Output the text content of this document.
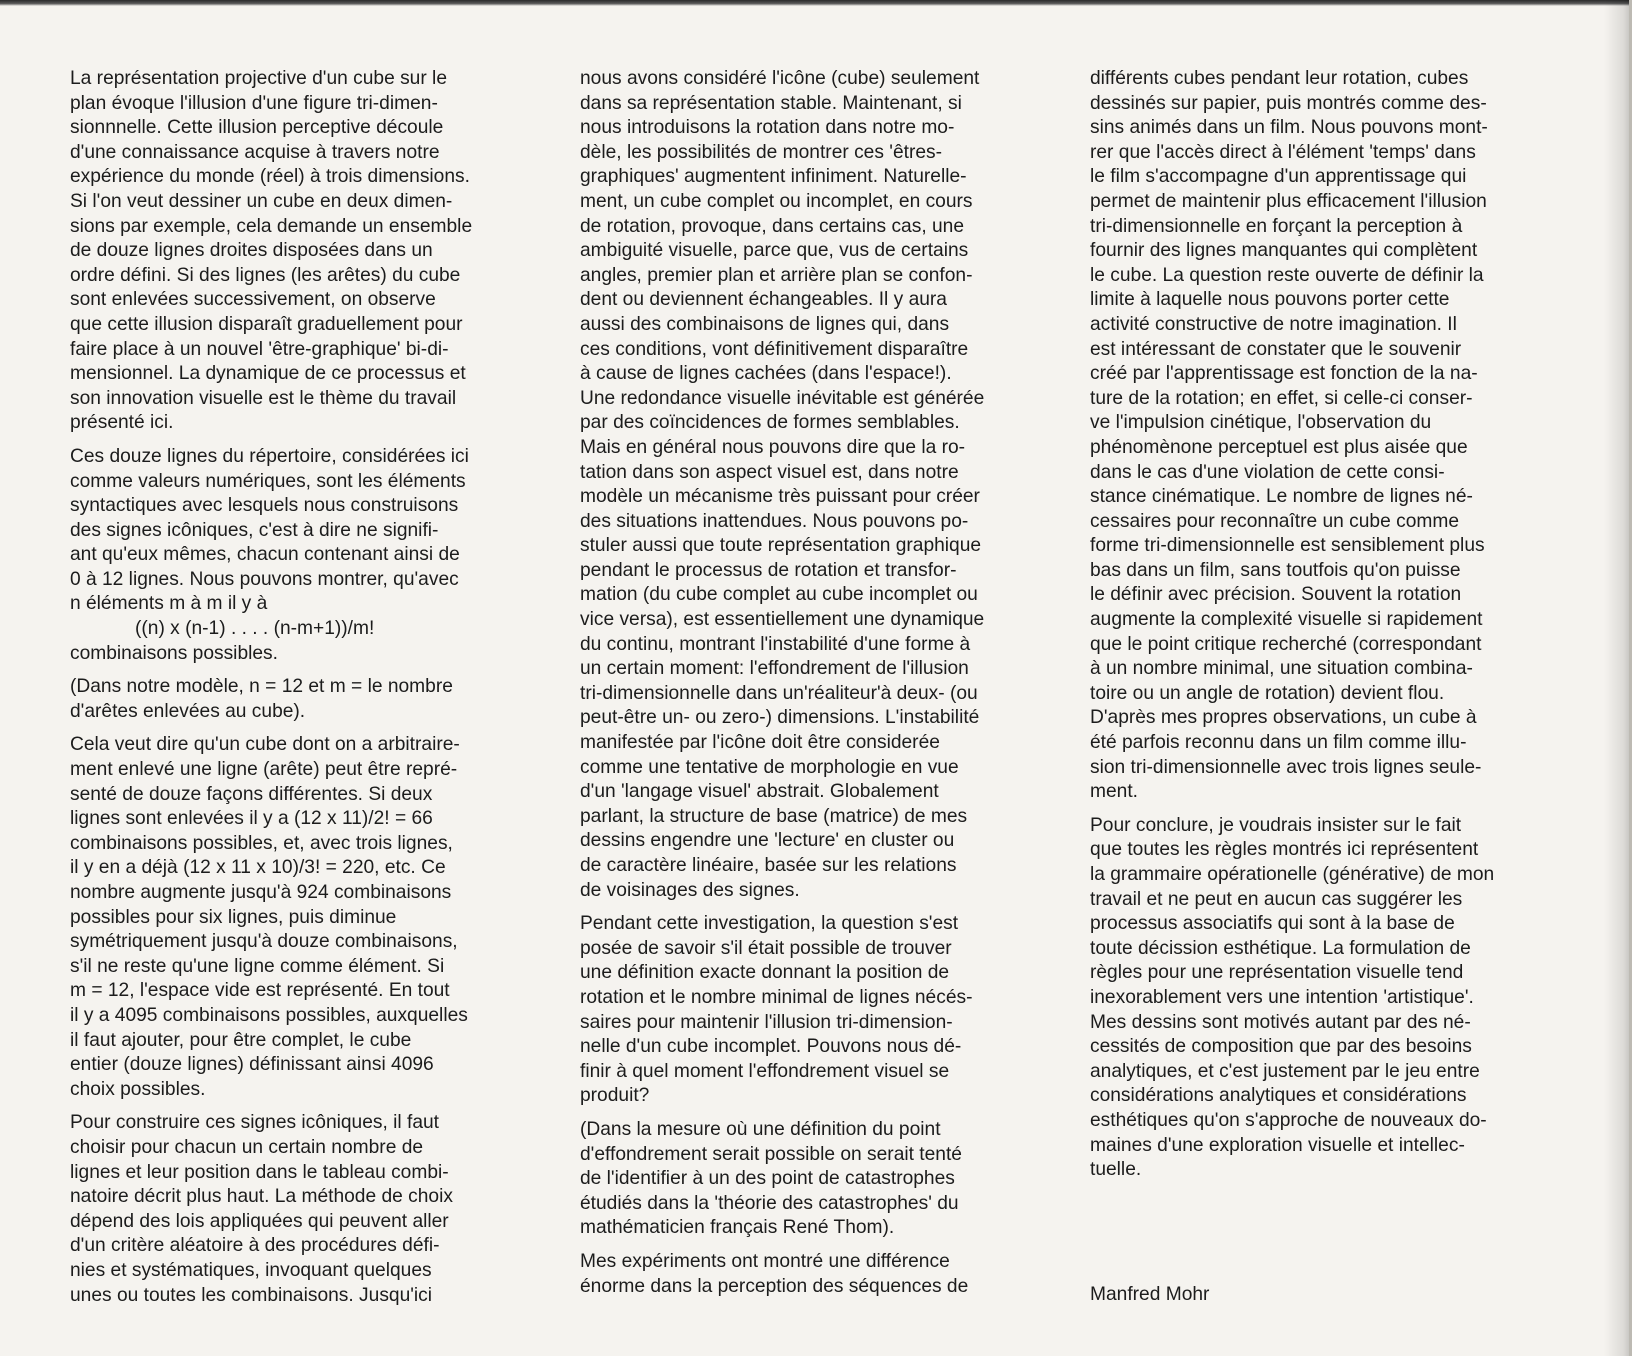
La représentation projective d'un cube sur le
plan évoque l'illusion d'une figure tri-dimen-
sionnnelle. Cette illusion perceptive découle
d'une connaissance acquise à travers notre
expérience du monde (réel) à trois dimensions.
Si l'on veut dessiner un cube en deux dimen-
sions par exemple, cela demande un ensemble
de douze lignes droites disposées dans un
ordre défini. Si des lignes (les arêtes) du cube
sont enlevées successivement, on observe
que cette illusion disparaît graduellement pour
faire place à un nouvel 'être-graphique' bi-di-
mensionnel. La dynamique de ce processus et
son innovation visuelle est le thème du travail
présenté ici.
Ces douze lignes du répertoire, considérées ici
comme valeurs numériques, sont les éléments
syntactiques avec lesquels nous construisons
des signes icôniques, c'est à dire ne signifi-
ant qu'eux mêmes, chacun contenant ainsi de
0 à 12 lignes. Nous pouvons montrer, qu'avec
n éléments m à m il y à
((n) x (n-1) . . . . (n-m+1))/m!
combinaisons possibles.
(Dans notre modèle, n = 12 et m = le nombre
d'arêtes enlevées au cube).
Cela veut dire qu'un cube dont on a arbitraire-
ment enlevé une ligne (arête) peut être repré-
senté de douze façons différentes. Si deux
lignes sont enlevées il y a (12 x 11)/2! = 66
combinaisons possibles, et, avec trois lignes,
il y en a déjà (12 x 11 x 10)/3! = 220, etc. Ce
nombre augmente jusqu'à 924 combinaisons
possibles pour six lignes, puis diminue
symétriquement jusqu'à douze combinaisons,
s'il ne reste qu'une ligne comme élément. Si
m = 12, l'espace vide est représenté. En tout
il y a 4095 combinaisons possibles, auxquelles
il faut ajouter, pour être complet, le cube
entier (douze lignes) définissant ainsi 4096
choix possibles.
Pour construire ces signes icôniques, il faut
choisir pour chacun un certain nombre de
lignes et leur position dans le tableau combi-
natoire décrit plus haut. La méthode de choix
dépend des lois appliquées qui peuvent aller
d'un critère aléatoire à des procédures défi-
nies et systématiques, invoquant quelques
unes ou toutes les combinaisons. Jusqu'ici
nous avons considéré l'icône (cube) seulement
dans sa représentation stable. Maintenant, si
nous introduisons la rotation dans notre mo-
dèle, les possibilités de montrer ces 'êtres-
graphiques' augmentent infiniment. Naturelle-
ment, un cube complet ou incomplet, en cours
de rotation, provoque, dans certains cas, une
ambiguité visuelle, parce que, vus de certains
angles, premier plan et arrière plan se confon-
dent ou deviennent échangeables. Il y aura
aussi des combinaisons de lignes qui, dans
ces conditions, vont définitivement disparaître
à cause de lignes cachées (dans l'espace!).
Une redondance visuelle inévitable est générée
par des coïncidences de formes semblables.
Mais en général nous pouvons dire que la ro-
tation dans son aspect visuel est, dans notre
modèle un mécanisme très puissant pour créer
des situations inattendues. Nous pouvons po-
stuler aussi que toute représentation graphique
pendant le processus de rotation et transfor-
mation (du cube complet au cube incomplet ou
vice versa), est essentiellement une dynamique
du continu, montrant l'instabilité d'une forme à
un certain moment: l'effondrement de l'illusion
tri-dimensionnelle dans un'réaliteur'à deux- (ou
peut-être un- ou zero-) dimensions. L'instabilité
manifestée par l'icône doit être considerée
comme une tentative de morphologie en vue
d'un 'langage visuel' abstrait. Globalement
parlant, la structure de base (matrice) de mes
dessins engendre une 'lecture' en cluster ou
de caractère linéaire, basée sur les relations
de voisinages des signes.
Pendant cette investigation, la question s'est
posée de savoir s'il était possible de trouver
une définition exacte donnant la position de
rotation et le nombre minimal de lignes nécés-
saires pour maintenir l'illusion tri-dimension-
nelle d'un cube incomplet. Pouvons nous dé-
finir à quel moment l'effondrement visuel se
produit?
(Dans la mesure où une définition du point
d'effondrement serait possible on serait tenté
de l'identifier à un des point de catastrophes
étudiés dans la 'théorie des catastrophes' du
mathématicien français René Thom).
Mes expériments ont montré une différence
énorme dans la perception des séquences de
différents cubes pendant leur rotation, cubes
dessinés sur papier, puis montrés comme des-
sins animés dans un film. Nous pouvons mont-
rer que l'accès direct à l'élément 'temps' dans
le film s'accompagne d'un apprentissage qui
permet de maintenir plus efficacement l'illusion
tri-dimensionnelle en forçant la perception à
fournir des lignes manquantes qui complètent
le cube. La question reste ouverte de définir la
limite à laquelle nous pouvons porter cette
activité constructive de notre imagination. Il
est intéressant de constater que le souvenir
créé par l'apprentissage est fonction de la na-
ture de la rotation; en effet, si celle-ci conser-
ve l'impulsion cinétique, l'observation du
phénomènone perceptuel est plus aisée que
dans le cas d'une violation de cette consi-
stance cinématique. Le nombre de lignes né-
cessaires pour reconnaître un cube comme
forme tri-dimensionnelle est sensiblement plus
bas dans un film, sans toutfois qu'on puisse
le définir avec précision. Souvent la rotation
augmente la complexité visuelle si rapidement
que le point critique recherché (correspondant
à un nombre minimal, une situation combina-
toire ou un angle de rotation) devient flou.
D'après mes propres observations, un cube à
été parfois reconnu dans un film comme illu-
sion tri-dimensionnelle avec trois lignes seule-
ment.
Pour conclure, je voudrais insister sur le fait
que toutes les règles montrés ici représentent
la grammaire opérationelle (générative) de mon
travail et ne peut en aucun cas suggérer les
processus associatifs qui sont à la base de
toute décission esthétique. La formulation de
règles pour une représentation visuelle tend
inexorablement vers une intention 'artistique'.
Mes dessins sont motivés autant par des né-
cessités de composition que par des besoins
analytiques, et c'est justement par le jeu entre
considérations analytiques et considérations
esthétiques qu'on s'approche de nouveaux do-
maines d'une exploration visuelle et intellec-
tuelle.
Manfred Mohr
